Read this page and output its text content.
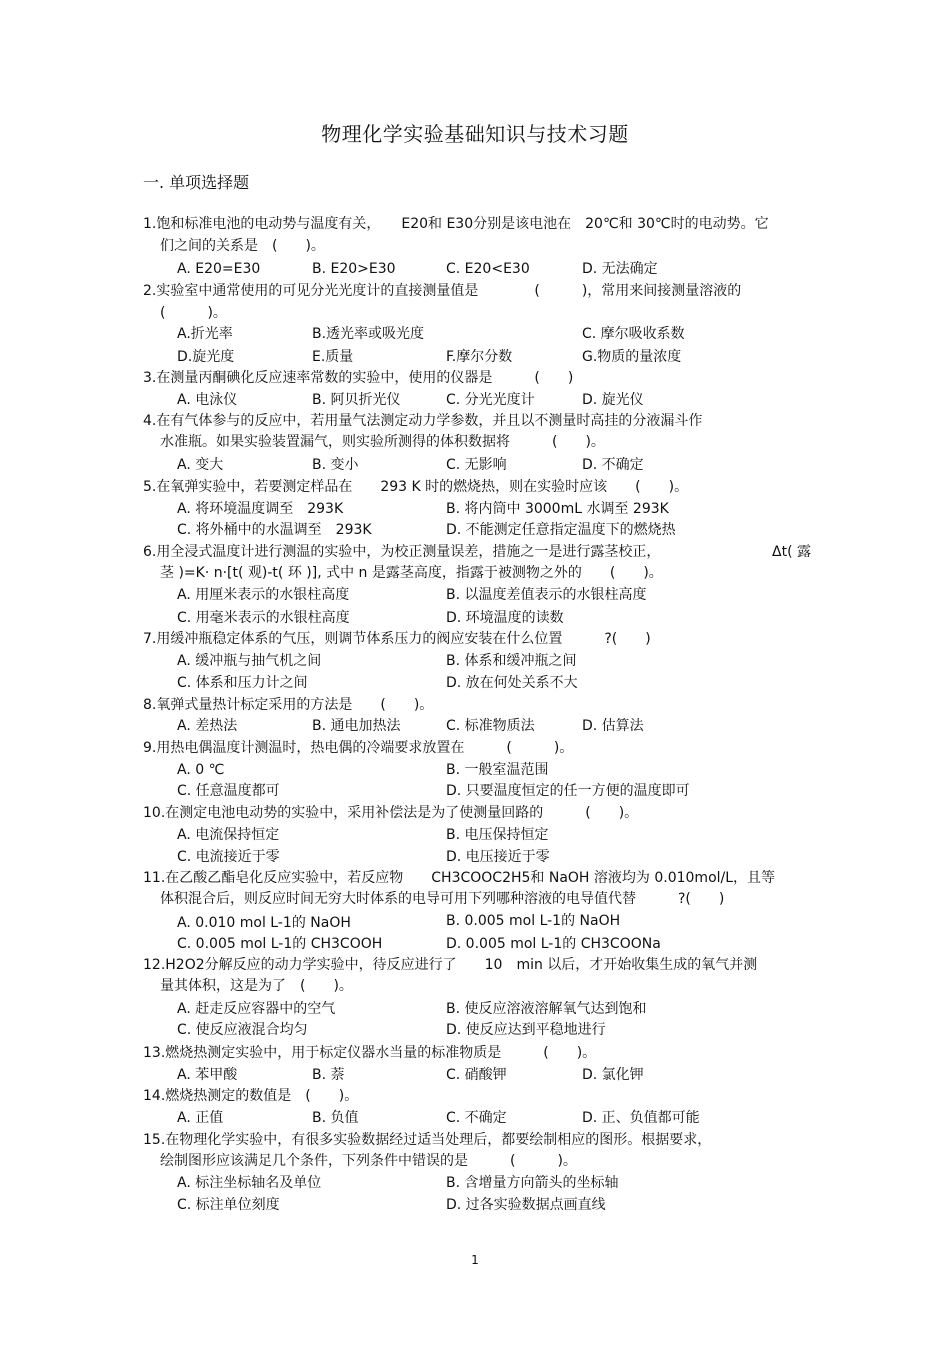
物理化学实验基础知识与技术习题
一. 单项选择题
1.饱和标准电池的电动势与温度有关，　　E20和 E30分别是该电池在　20℃和 30℃时的电动势。它
们之间的关系是　(　　)。
A. E20=E30	B. E20>E30	C. E20<E30	D. 无法确定
2.实验室中通常使用的可见分光光度计的直接测量值是　　　　(　　　)，常用来间接测量溶液的
(　　　)。
A.折光率	B.透光率或吸光度	C. 摩尔吸收系数
D.旋光度	E.质量	F.摩尔分数	G.物质的量浓度
3.在测量丙酮碘化反应速率常数的实验中，使用的仪器是　　　(　　)
A. 电泳仪	B. 阿贝折光仪	C. 分光光度计	D. 旋光仪
4.在有气体参与的反应中，若用量气法测定动力学参数，并且以不测量时高挂的分液漏斗作
水准瓶。如果实验装置漏气，则实验所测得的体积数据将　　　(　　)。
A. 变大	B. 变小	C. 无影响	D. 不确定
5.在氧弹实验中，若要测定样品在　　293 K 时的燃烧热，则在实验时应该　　(　　)。
A. 将环境温度调至　293K	B. 将内筒中 3000mL 水调至 293K
C. 将外桶中的水温调至　293K	D. 不能测定任意指定温度下的燃烧热
6.用全浸式温度计进行测温的实验中，为校正测量误差，措施之一是进行露茎校正，	Δt( 露
茎 )=K· n·[t( 观)-t( 环 )], 式中 n 是露茎高度，指露于被测物之外的　　(　　)。
A. 用厘米表示的水银柱高度	B. 以温度差值表示的水银柱高度
C. 用毫米表示的水银柱高度	D. 环境温度的读数
7.用缓冲瓶稳定体系的气压，则调节体系压力的阀应安装在什么位置　　　?(　　)
A. 缓冲瓶与抽气机之间	B. 体系和缓冲瓶之间
C. 体系和压力计之间	D. 放在何处关系不大
8.氧弹式量热计标定采用的方法是　　(　　)。
A. 差热法	B. 通电加热法	C. 标准物质法	D. 估算法
9.用热电偶温度计测温时，热电偶的冷端要求放置在　　　(　　　)。
A. 0 ℃	B. 一般室温范围
C. 任意温度都可	D. 只要温度恒定的任一方便的温度即可
10.在测定电池电动势的实验中，采用补偿法是为了使测量回路的　　　(　　)。
A. 电流保持恒定	B. 电压保持恒定
C. 电流接近于零	D. 电压接近于零
11.在乙酸乙酯皂化反应实验中，若反应物　　CH3COOC2H5和 NaOH 溶液均为 0.010mol/L，且等
体积混合后，则反应时间无穷大时体系的电导可用下列哪种溶液的电导值代替　　　?(　　)
A. 0.010 mol L-1的 NaOH	B. 0.005 mol L-1的 NaOH
C. 0.005 mol L-1的 CH3COOH	D. 0.005 mol L-1的 CH3COONa
12.H2O2分解反应的动力学实验中，待反应进行了　　10　min 以后，才开始收集生成的氧气并测
量其体积，这是为了　(　　)。
A. 赶走反应容器中的空气	B. 使反应溶液溶解氧气达到饱和
C. 使反应液混合均匀	D. 使反应达到平稳地进行
13.燃烧热测定实验中，用于标定仪器水当量的标准物质是　　　(　　)。
A. 苯甲酸	B. 萘	C. 硝酸钾	D. 氯化钾
14.燃烧热测定的数值是　(　　)。
A. 正值	B. 负值	C. 不确定	D. 正、负值都可能
15.在物理化学实验中，有很多实验数据经过适当处理后，都要绘制相应的图形。根据要求，
绘制图形应该满足几个条件，下列条件中错误的是　　　(　　　)。
A. 标注坐标轴名及单位	B. 含增量方向箭头的坐标轴
C. 标注单位刻度	D. 过各实验数据点画直线
1
